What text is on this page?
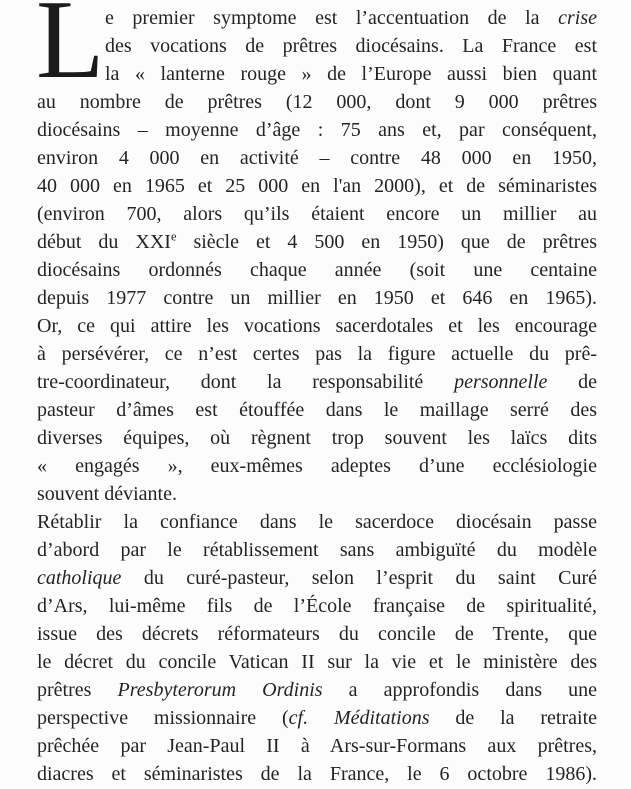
L e premier symptome est l’accentuation de la crise
des vocations de prêtres diocésains. La France est
la « lanterne rouge » de l’Europe aussi bien quant
au nombre de prêtres (12 000, dont 9 000 prêtres
diocésains – moyenne d’âge : 75 ans et, par conséquent,
environ 4 000 en activité – contre 48 000 en 1950,
40 000 en 1965 et 25 000 en l'an 2000), et de séminaristes
(environ 700, alors qu’ils étaient encore un millier au
début du XXIe siècle et 4 500 en 1950) que de prêtres
diocésains ordonnés chaque année (soit une centaine
depuis 1977 contre un millier en 1950 et 646 en 1965).
Or, ce qui attire les vocations sacerdotales et les encourage
à persévérer, ce n’est certes pas la figure actuelle du prê-
tre-coordinateur, dont la responsabilité personnelle de
pasteur d’âmes est étouffée dans le maillage serré des
diverses équipes, où règnent trop souvent les laïcs dits
« engagés », eux-mêmes adeptes d’une ecclésiologie
souvent déviante.
Rétablir la confiance dans le sacerdoce diocésain passe
d’abord par le rétablissement sans ambiguïté du modèle
catholique du curé-pasteur, selon l’esprit du saint Curé
d’Ars, lui-même fils de l’École française de spiritualité,
issue des décrets réformateurs du concile de Trente, que
le décret du concile Vatican II sur la vie et le ministère des
prêtres Presbyterorum Ordinis a approfondis dans une
perspective missionnaire (cf. Méditations de la retraite
prêchée par Jean-Paul II à Ars-sur-Formans aux prêtres,
diacres et séminaristes de la France, le 6 octobre 1986).
